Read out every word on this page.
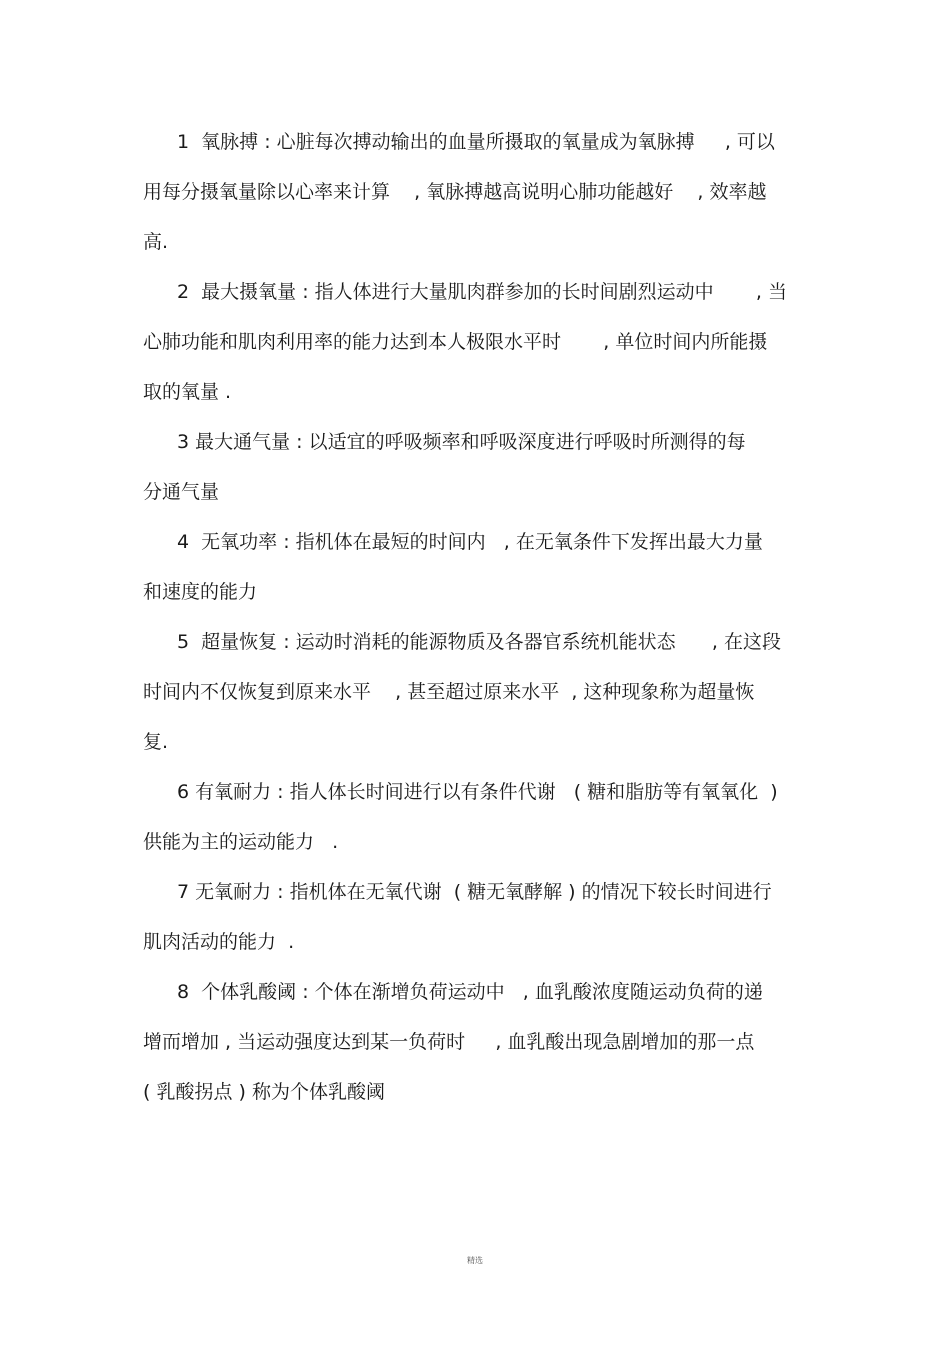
1  氧脉搏 : 心脏每次搏动输出的血量所摄取的氧量成为氧脉搏     , 可以
用每分摄氧量除以心率来计算    , 氧脉搏越高说明心肺功能越好    , 效率越
高.
2  最大摄氧量 : 指人体进行大量肌肉群参加的长时间剧烈运动中       , 当
心肺功能和肌肉利用率的能力达到本人极限水平时       , 单位时间内所能摄
取的氧量 .
3 最大通气量 : 以适宜的呼吸频率和呼吸深度进行呼吸时所测得的每
分通气量
4  无氧功率 : 指机体在最短的时间内   , 在无氧条件下发挥出最大力量
和速度的能力
5  超量恢复 : 运动时消耗的能源物质及各器官系统机能状态      , 在这段
时间内不仅恢复到原来水平    , 甚至超过原来水平  , 这种现象称为超量恢
复.
6 有氧耐力 : 指人体长时间进行以有条件代谢   ( 糖和脂肪等有氧氧化  )
供能为主的运动能力   .
7 无氧耐力 : 指机体在无氧代谢  ( 糖无氧酵解 ) 的情况下较长时间进行
肌肉活动的能力  .
8  个体乳酸阈 : 个体在渐增负荷运动中   , 血乳酸浓度随运动负荷的递
增而增加 , 当运动强度达到某一负荷时     , 血乳酸出现急剧增加的那一点
( 乳酸拐点 ) 称为个体乳酸阈
精选
